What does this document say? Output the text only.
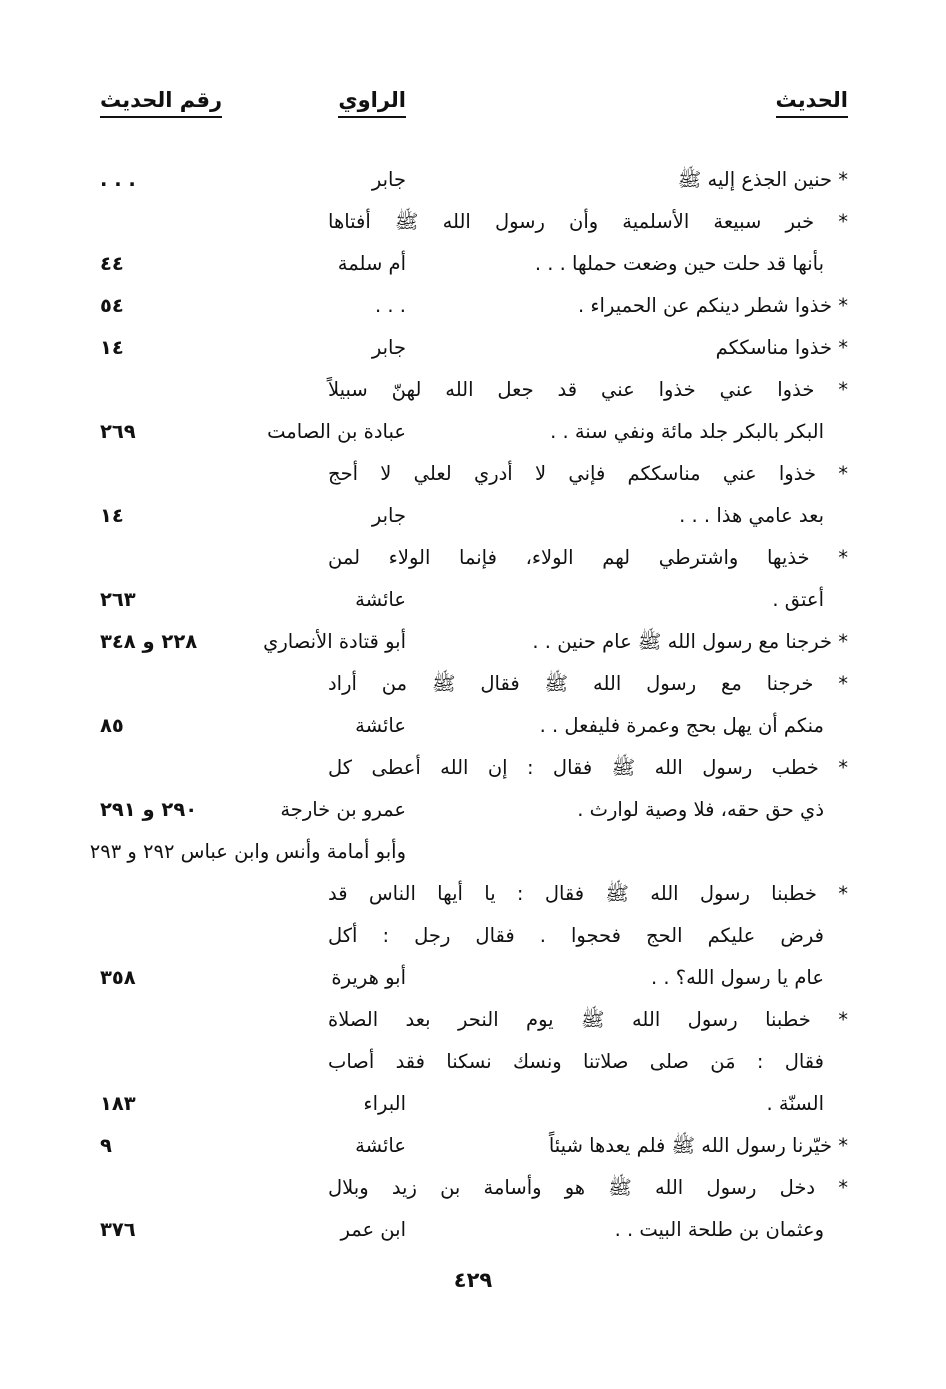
الحديث
الراوي
رقم الحديث
* حنين الجذع إليه ﷺ
جابر
. . .
* خبر سبيعة الأسلمية وأن رسول الله ﷺ أفتاها
بأنها قد حلت حين وضعت حملها . . .
أم سلمة
٤٤
* خذوا شطر دينكم عن الحميراء .
. . .
٥٤
* خذوا مناسككم
جابر
١٤
* خذوا عني خذوا عني قد جعل الله لهنّ سبيلاً
البكر بالبكر جلد مائة ونفي سنة . .
عبادة بن الصامت
٢٦٩
* خذوا عني مناسككم فإني لا أدري لعلي لا أحج
بعد عامي هذا . . .
جابر
١٤
* خذيها واشترطي لهم الولاء، فإنما الولاء لمن
أعتق .
عائشة
٢٦٣
* خرجنا مع رسول الله ﷺ عام حنين . .
أبو قتادة الأنصاري
٢٢٨ و ٣٤٨
* خرجنا مع رسول الله ﷺ فقال ﷺ من أراد
منكم أن يهل بحج وعمرة فليفعل . .
عائشة
٨٥
* خطب رسول الله ﷺ فقال : إن الله أعطى كل
ذي حق حقه، فلا وصية لوارث .
عمرو بن خارجة
٢٩٠ و ٢٩١
وأبو أمامة وأنس وابن عباس ٢٩٢ و ٢٩٣
* خطبنا رسول الله ﷺ فقال : يا أيها الناس قد
فرض عليكم الحج فحجوا . فقال رجل : أكل
عام يا رسول الله؟ . .
أبو هريرة
٣٥٨
* خطبنا رسول الله ﷺ يوم النحر بعد الصلاة
فقال : مَن صلى صلاتنا ونسك نسكنا فقد أصاب
السنّة .
البراء
١٨٣
* خيّرنا رسول الله ﷺ فلم يعدها شيئاً
عائشة
٩
* دخل رسول الله ﷺ هو وأسامة بن زيد وبلال
وعثمان بن طلحة البيت . .
ابن عمر
٣٧٦
٤٢٩
